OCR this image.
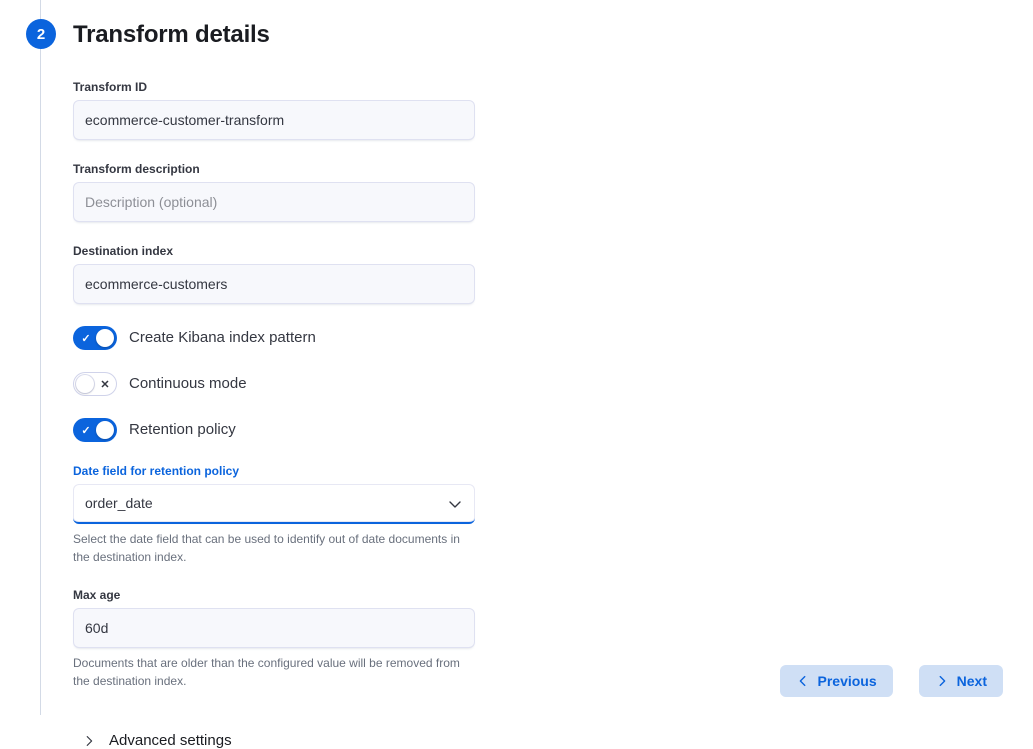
2	Transform details
Transform ID
ecommerce-customer-transform
Transform description
Description (optional)
Destination index
ecommerce-customers
✓	Create Kibana index pattern
✕	Continuous mode
✓	Retention policy
Date field for retention policy
order_date
Select the date field that can be used to identify out of date documents in the destination index.
Max age
60d
Documents that are older than the configured value will be removed from the destination index.
Advanced settings
Previous	Next
